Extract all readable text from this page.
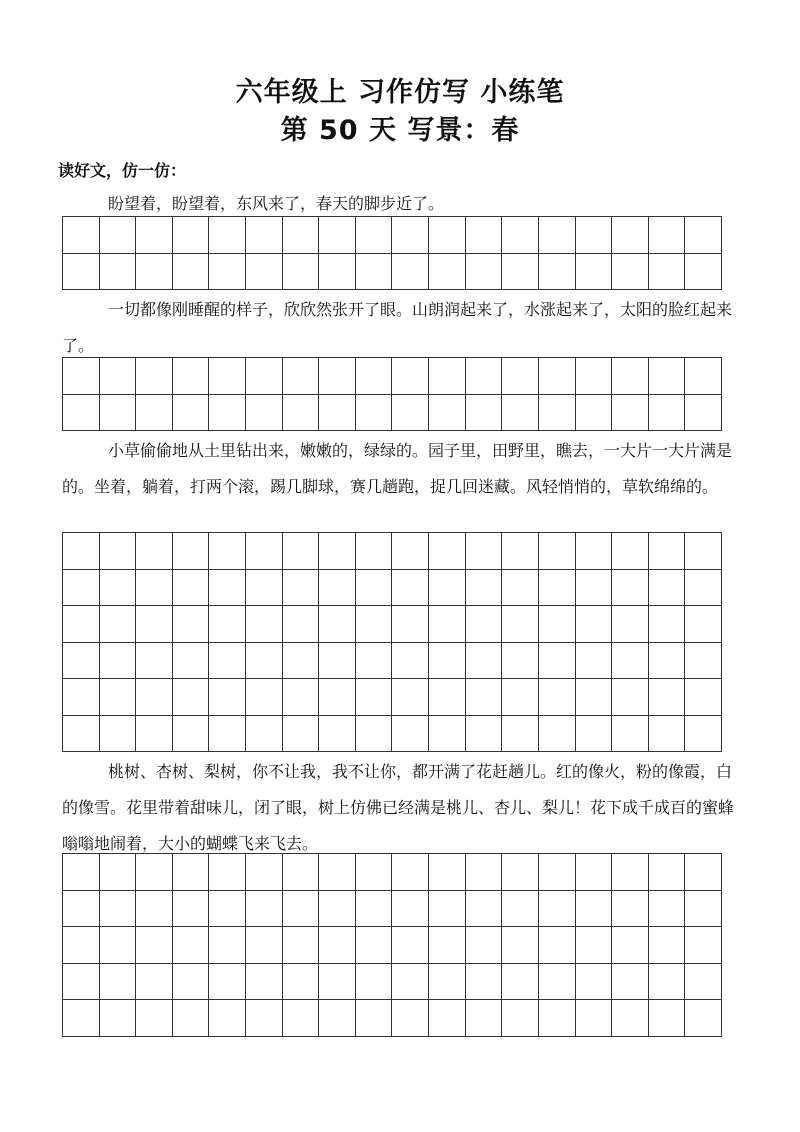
六年级上 习作仿写 小练笔
第 50 天 写景：春
读好文，仿一仿：

盼望着，盼望着，东风来了，春天的脚步近了。

一切都像刚睡醒的样子，欣欣然张开了眼。山朗润起来了，水涨起来了，太阳的脸红起来了。

小草偷偷地从土里钻出来，嫩嫩的，绿绿的。园子里，田野里，瞧去，一大片一大片满是的。坐着，躺着，打两个滚，踢几脚球，赛几趟跑，捉几回迷藏。风轻悄悄的，草软绵绵的。

桃树、杏树、梨树，你不让我，我不让你，都开满了花赶趟儿。红的像火，粉的像霞，白的像雪。花里带着甜味儿，闭了眼，树上仿佛已经满是桃儿、杏儿、梨儿！花下成千成百的蜜蜂嗡嗡地闹着，大小的蝴蝶飞来飞去。
